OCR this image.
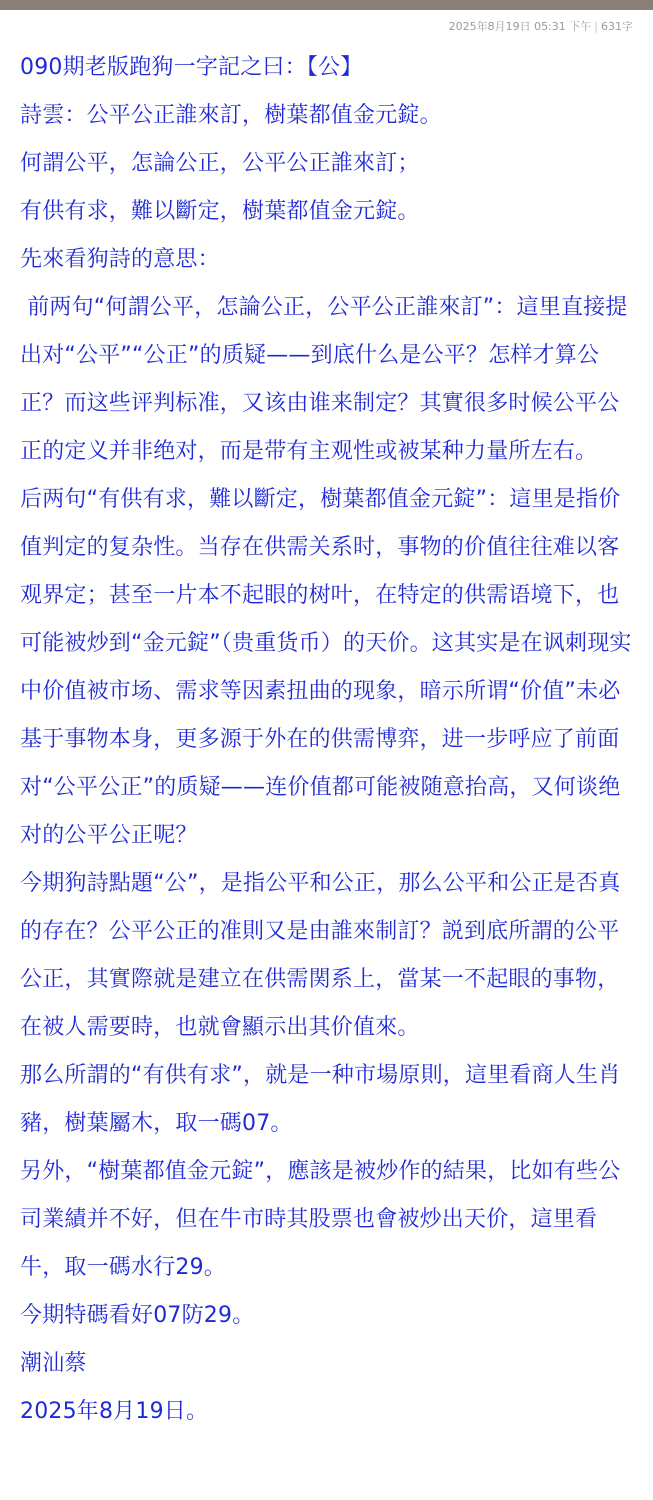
2025年8月19日 05:31 下午 | 631字

090期老版跑狗一字記之曰：【公】

詩雲：公平公正誰來訂，樹葉都值金元錠。

何謂公平，怎論公正，公平公正誰來訂；

有供有求，難以斷定，樹葉都值金元錠。

先來看狗詩的意思：

前两句“何謂公平，怎論公正，公平公正誰來訂”：這里直接提出对“公平”“公正”的质疑——到底什么是公平？怎样才算公正？而这些评判标准，又该由谁来制定？其實很多时候公平公正的定义并非绝对，而是带有主观性或被某种力量所左右。

后两句“有供有求，難以斷定，樹葉都值金元錠”：這里是指价值判定的复杂性。当存在供需关系时，事物的价值往往难以客观界定；甚至一片本不起眼的树叶，在特定的供需语境下，也可能被炒到“金元錠”（贵重货币）的天价。这其实是在讽刺现实中价值被市场、需求等因素扭曲的现象，暗示所谓“价值”未必基于事物本身，更多源于外在的供需博弈，进一步呼应了前面对“公平公正”的质疑——连价值都可能被随意抬高，又何谈绝对的公平公正呢？

今期狗詩點題“公”，是指公平和公正，那么公平和公正是否真的存在？公平公正的准則又是由誰來制訂？説到底所謂的公平公正，其實際就是建立在供需関系上，當某一不起眼的事物，在被人需要時，也就會顯示出其价值來。

那么所謂的“有供有求”，就是一种市場原則，這里看商人生肖豬，樹葉屬木，取一碼07。

另外，“樹葉都值金元錠”，應該是被炒作的結果，比如有些公司業績并不好，但在牛市時其股票也會被炒出天价，這里看牛，取一碼水行29。

今期特碼看好07防29。

潮汕蔡

2025年8月19日。
